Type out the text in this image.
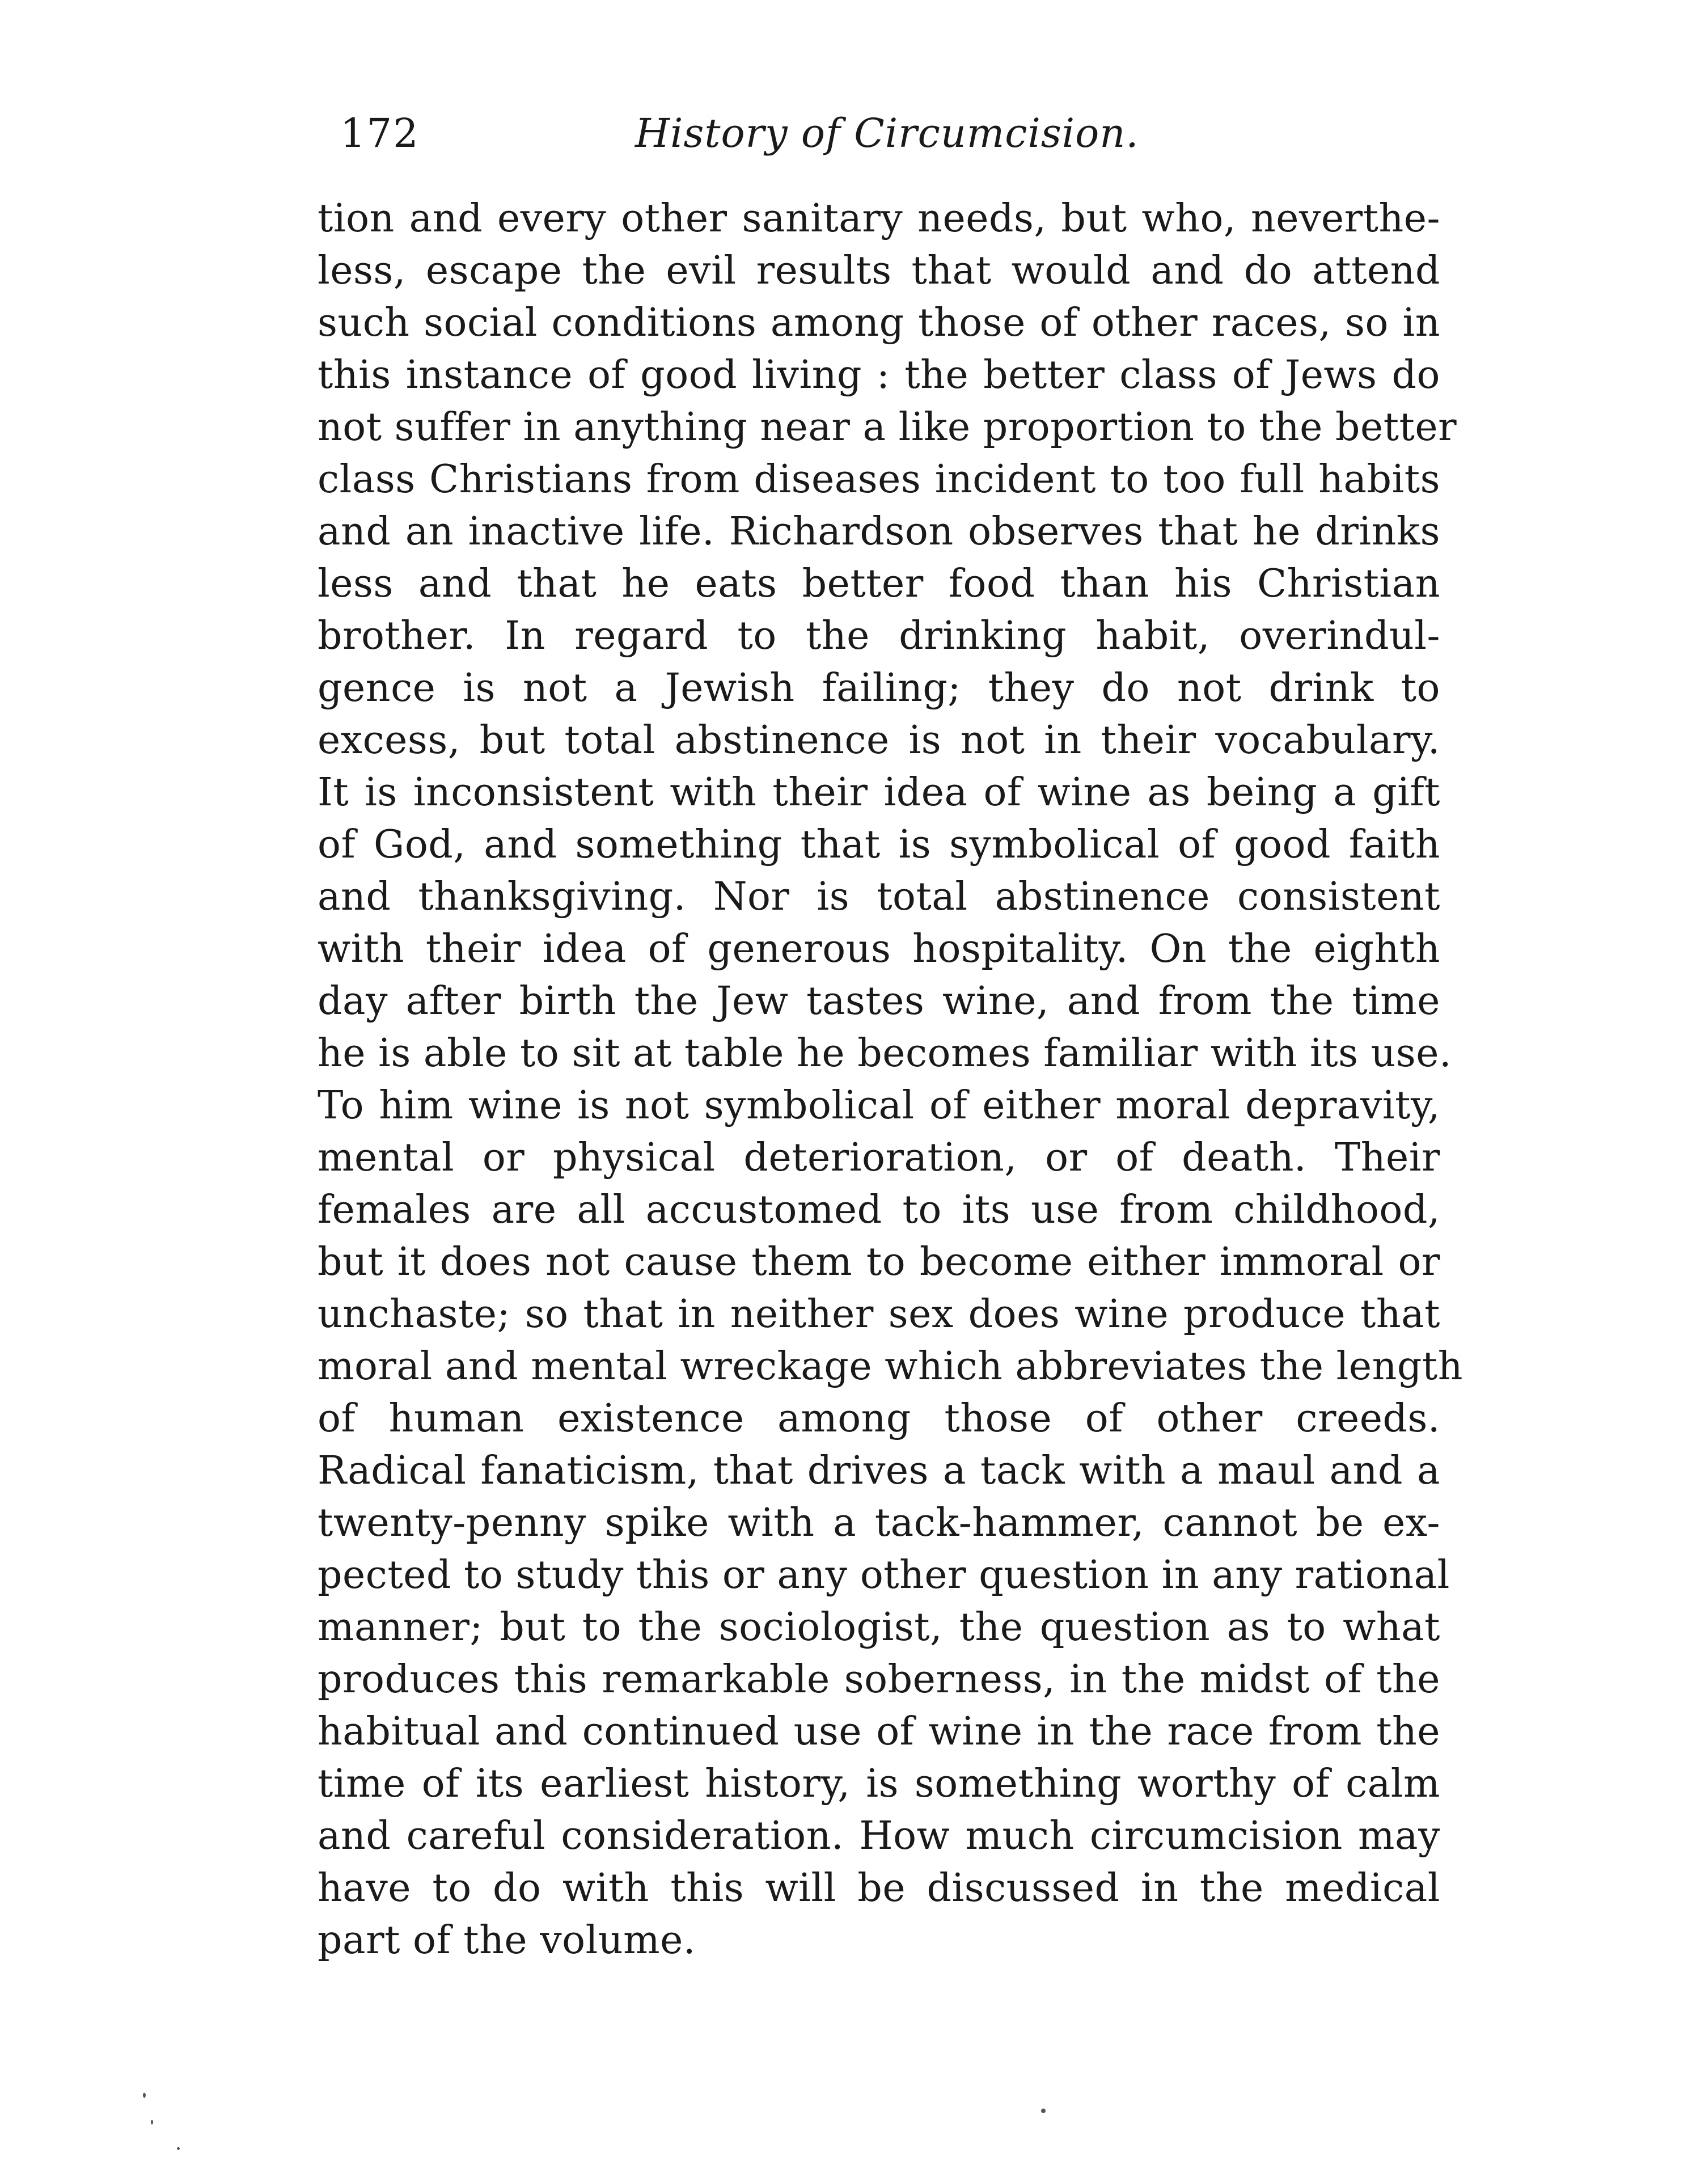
172	History of Circumcision.
tion and every other sanitary needs, but who, neverthe-
less, escape the evil results that would and do attend
such social conditions among those of other races, so in
this instance of good living : the better class of Jews do
not suffer in anything near a like proportion to the better
class Christians from diseases incident to too full habits
and an inactive life. Richardson observes that he drinks
less and that he eats better food than his Christian
brother. In regard to the drinking habit, overindul-
gence is not a Jewish failing; they do not drink to
excess, but total abstinence is not in their vocabulary.
It is inconsistent with their idea of wine as being a gift
of God, and something that is symbolical of good faith
and thanksgiving. Nor is total abstinence consistent
with their idea of generous hospitality. On the eighth
day after birth the Jew tastes wine, and from the time
he is able to sit at table he becomes familiar with its use.
To him wine is not symbolical of either moral depravity,
mental or physical deterioration, or of death. Their
females are all accustomed to its use from childhood,
but it does not cause them to become either immoral or
unchaste; so that in neither sex does wine produce that
moral and mental wreckage which abbreviates the length
of human existence among those of other creeds.
Radical fanaticism, that drives a tack with a maul and a
twenty-penny spike with a tack-hammer, cannot be ex-
pected to study this or any other question in any rational
manner; but to the sociologist, the question as to what
produces this remarkable soberness, in the midst of the
habitual and continued use of wine in the race from the
time of its earliest history, is something worthy of calm
and careful consideration. How much circumcision may
have to do with this will be discussed in the medical
part of the volume.
